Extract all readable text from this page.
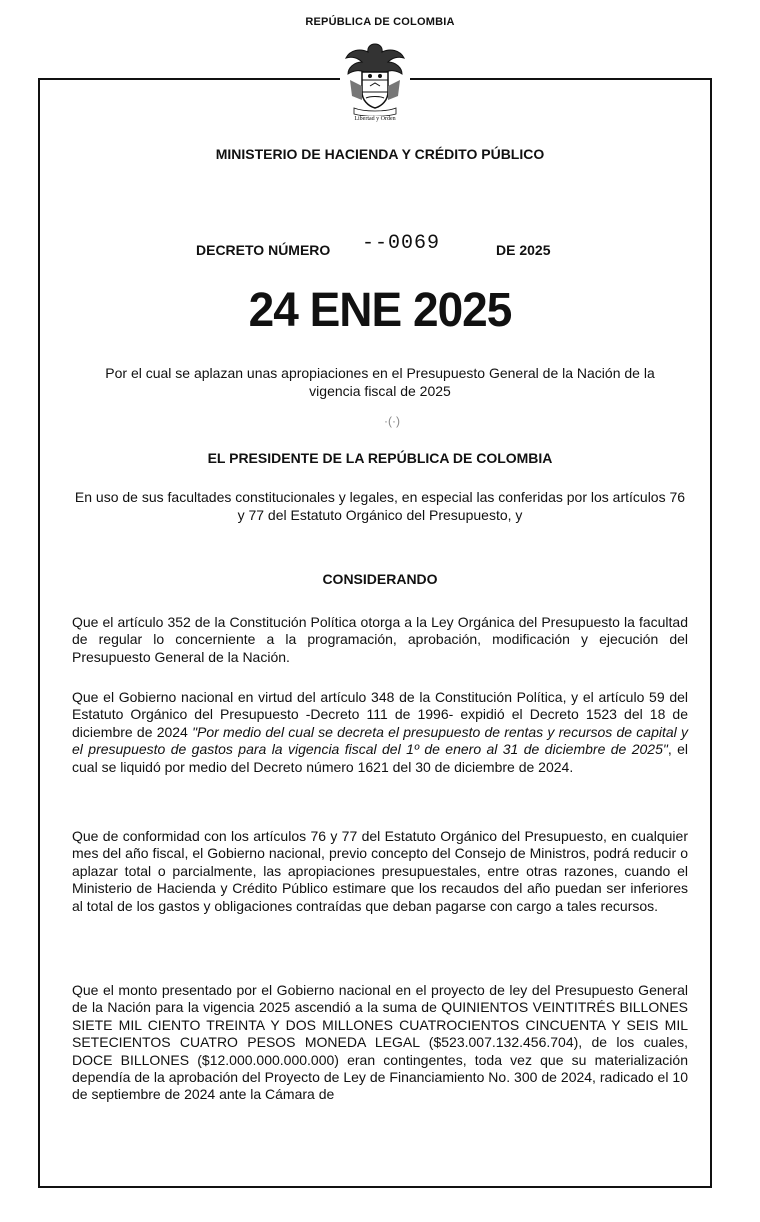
REPÚBLICA DE COLOMBIA
Libertad y Orden
MINISTERIO DE HACIENDA Y CRÉDITO PÚBLICO
DECRETO NÚMERO --0069	DE 2025
24 ENE 2025
Por el cual se aplazan unas apropiaciones en el Presupuesto General de la Nación de la vigencia fiscal de 2025
·(·)
EL PRESIDENTE DE LA REPÚBLICA DE COLOMBIA
En uso de sus facultades constitucionales y legales, en especial las conferidas por los artículos 76 y 77 del Estatuto Orgánico del Presupuesto, y
CONSIDERANDO
Que el artículo 352 de la Constitución Política otorga a la Ley Orgánica del Presupuesto la facultad de regular lo concerniente a la programación, aprobación, modificación y ejecución del Presupuesto General de la Nación.
Que el Gobierno nacional en virtud del artículo 348 de la Constitución Política, y el artículo 59 del Estatuto Orgánico del Presupuesto -Decreto 111 de 1996- expidió el Decreto 1523 del 18 de diciembre de 2024 "Por medio del cual se decreta el presupuesto de rentas y recursos de capital y el presupuesto de gastos para la vigencia fiscal del 1º de enero al 31 de diciembre de 2025", el cual se liquidó por medio del Decreto número 1621 del 30 de diciembre de 2024.
Que de conformidad con los artículos 76 y 77 del Estatuto Orgánico del Presupuesto, en cualquier mes del año fiscal, el Gobierno nacional, previo concepto del Consejo de Ministros, podrá reducir o aplazar total o parcialmente, las apropiaciones presupuestales, entre otras razones, cuando el Ministerio de Hacienda y Crédito Público estimare que los recaudos del año puedan ser inferiores al total de los gastos y obligaciones contraídas que deban pagarse con cargo a tales recursos.
Que el monto presentado por el Gobierno nacional en el proyecto de ley del Presupuesto General de la Nación para la vigencia 2025 ascendió a la suma de QUINIENTOS VEINTITRÉS BILLONES SIETE MIL CIENTO TREINTA Y DOS MILLONES CUATROCIENTOS CINCUENTA Y SEIS MIL SETECIENTOS CUATRO PESOS MONEDA LEGAL ($523.007.132.456.704), de los cuales, DOCE BILLONES ($12.000.000.000.000) eran contingentes, toda vez que su materialización dependía de la aprobación del Proyecto de Ley de Financiamiento No. 300 de 2024, radicado el 10 de septiembre de 2024 ante la Cámara de
